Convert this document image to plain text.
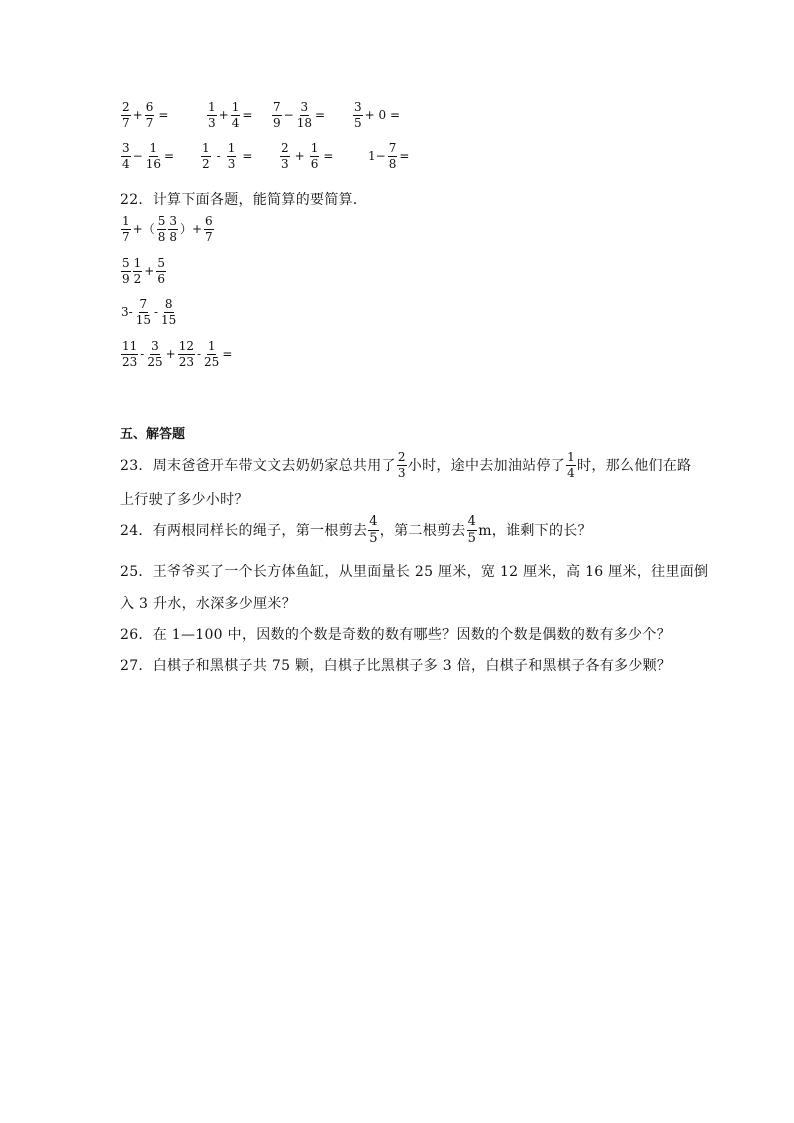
$\frac{2}{7} + \frac{6}{7}$ =	$\frac{1}{3} + \frac{1}{4} = \frac{7}{9} - \frac{3}{18} = \frac{3}{5} + 0$ =
$\frac{3}{4} - \frac{1}{16} = \frac{1}{2} - \frac{1}{3} = \frac{2}{3} + \frac{1}{6}$ =	$1- \frac{7}{8}$ =
22．计算下面各题，能简算的要简算．
$\frac{1}{7}$ +（ $\frac{5}{8} \frac{3}{8}$ ）+ $\frac{6}{7}$
$\frac{5}{9} \frac{1}{2} + \frac{5}{6}$
$3- \frac{7}{15} - \frac{8}{15}$
$\frac{11}{23} - \frac{3}{25} + \frac{12}{23} - \frac{1}{25}$ =
五、解答题
23．周末爸爸开车带文文去奶奶家总共用了 $\frac{2}{3}$ 小时，途中去加油站停了 $\frac{1}{4}$ 时，那么他们在路
上行驶了多少小时？
24．有两根同样长的绳子，第一根剪去 $\frac{4}{5}$ ，第二根剪去 $\frac{4}{5}$ m，谁剩下的长？
25．王爷爷买了一个长方体鱼缸，从里面量长 25 厘米，宽 12 厘米，高 16 厘米，往里面倒
入 3 升水，水深多少厘米？
26．在 1—100 中，因数的个数是奇数的数有哪些？因数的个数是偶数的数有多少个？
27．白棋子和黑棋子共 75 颗，白棋子比黑棋子多 3 倍，白棋子和黑棋子各有多少颗？
